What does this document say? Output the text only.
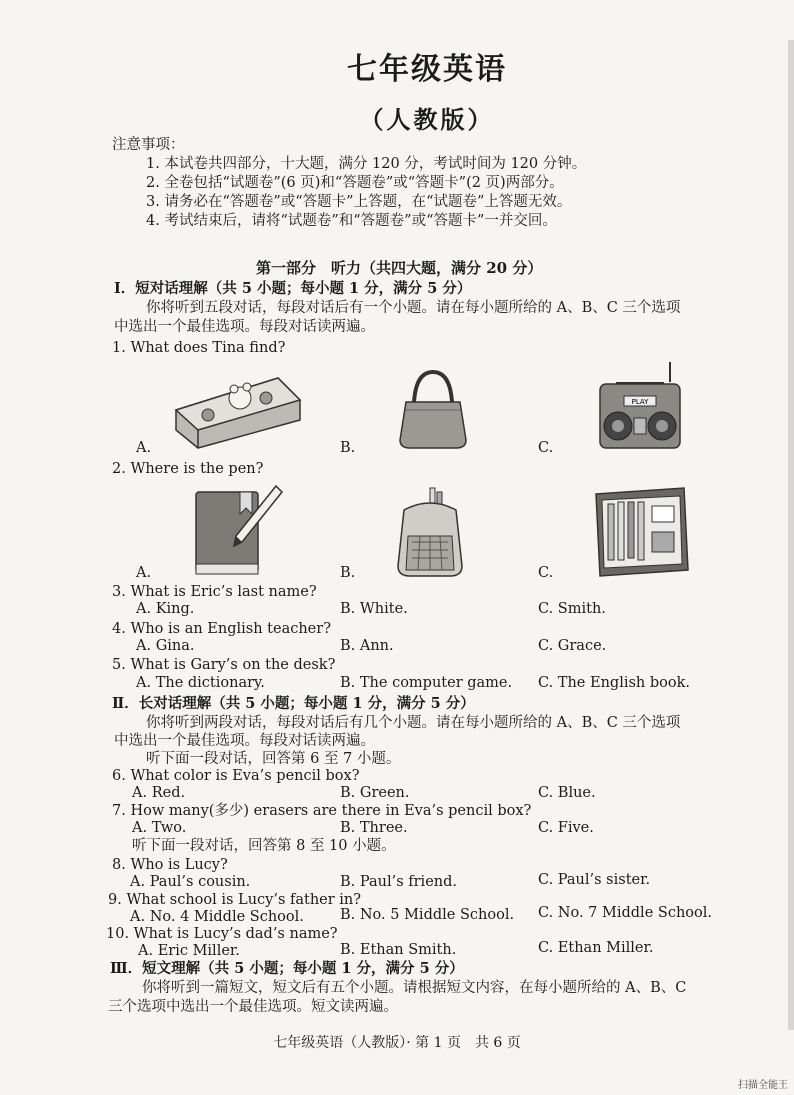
七年级英语
（人教版）
注意事项：
1. 本试卷共四部分，十大题，满分 120 分，考试时间为 120 分钟。
2. 全卷包括“试题卷”(6 页)和“答题卷”或“答题卡”(2 页)两部分。
3. 请务必在“答题卷”或“答题卡”上答题，在“试题卷”上答题无效。
4. 考试结束后，请将“试题卷”和“答题卷”或“答题卡”一并交回。
第一部分　听力（共四大题，满分 20 分）
Ⅰ．短对话理解（共 5 小题；每小题 1 分，满分 5 分）
你将听到五段对话，每段对话后有一个小题。请在每小题所给的 A、B、C 三个选项
中选出一个最佳选项。每段对话读两遍。
1. What does Tina find?
A.	B.	C.
PLAY
2. Where is the pen?
A.	B.	C.
3. What is Eric’s last name?
A. King.	B. White.	C. Smith.
4. Who is an English teacher?
A. Gina.	B. Ann.	C. Grace.
5. What is Gary’s on the desk?
A. The dictionary.	B. The computer game. C. The English book.
Ⅱ．长对话理解（共 5 小题；每小题 1 分，满分 5 分）
你将听到两段对话，每段对话后有几个小题。请在每小题所给的 A、B、C 三个选项
中选出一个最佳选项。每段对话读两遍。
听下面一段对话，回答第 6 至 7 小题。
6. What color is Eva’s pencil box?
A. Red.	B. Green.	C. Blue.
7. How many(多少) erasers are there in Eva’s pencil box?
A. Two.	B. Three.	C. Five.
听下面一段对话，回答第 8 至 10 小题。
8. Who is Lucy?
A. Paul’s cousin.	B. Paul’s friend.	C. Paul’s sister.
9. What school is Lucy’s father in?
A. No. 4 Middle School. B. No. 5 Middle School. C. No. 7 Middle School.
10. What is Lucy’s dad’s name?
A. Eric Miller.	B. Ethan Smith.	C. Ethan Miller.
Ⅲ．短文理解（共 5 小题；每小题 1 分，满分 5 分）
你将听到一篇短文，短文后有五个小题。请根据短文内容，在每小题所给的 A、B、C
三个选项中选出一个最佳选项。短文读两遍。
七年级英语（人教版）· 第 1 页　共 6 页
扫描全能王
